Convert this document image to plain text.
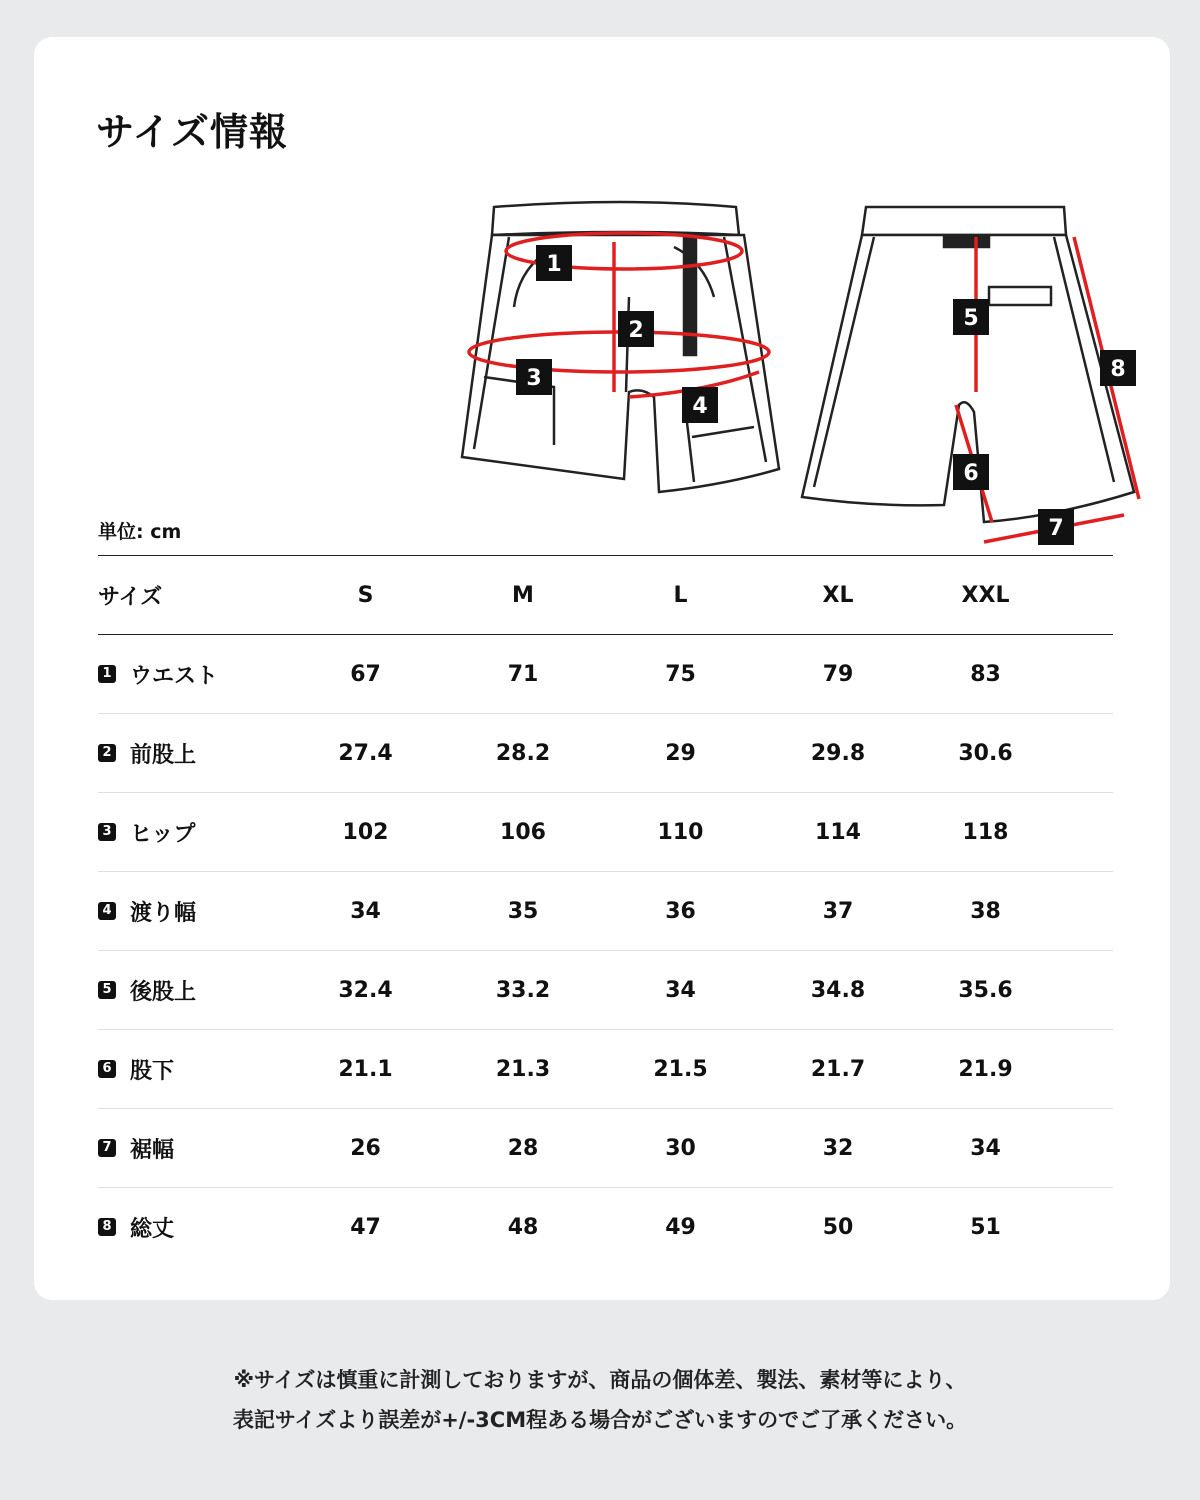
サイズ情報
1
2
3
4
5
6
7
8
単位: cm
サイズ	S	M	L	XL	XXL
1 ウエスト	67	71	75	79	83
2 前股上	27.4	28.2	29	29.8	30.6
3 ヒップ	102	106	110	114	118
4 渡り幅	34	35	36	37	38
5 後股上	32.4	33.2	34	34.8	35.6
6 股下	21.1	21.3	21.5	21.7	21.9
7 裾幅	26	28	30	32	34
8 総丈	47	48	49	50	51
※サイズは慎重に計測しておりますが、商品の個体差、製法、素材等により、
表記サイズより誤差が+/-3CM程ある場合がございますのでご了承ください。
